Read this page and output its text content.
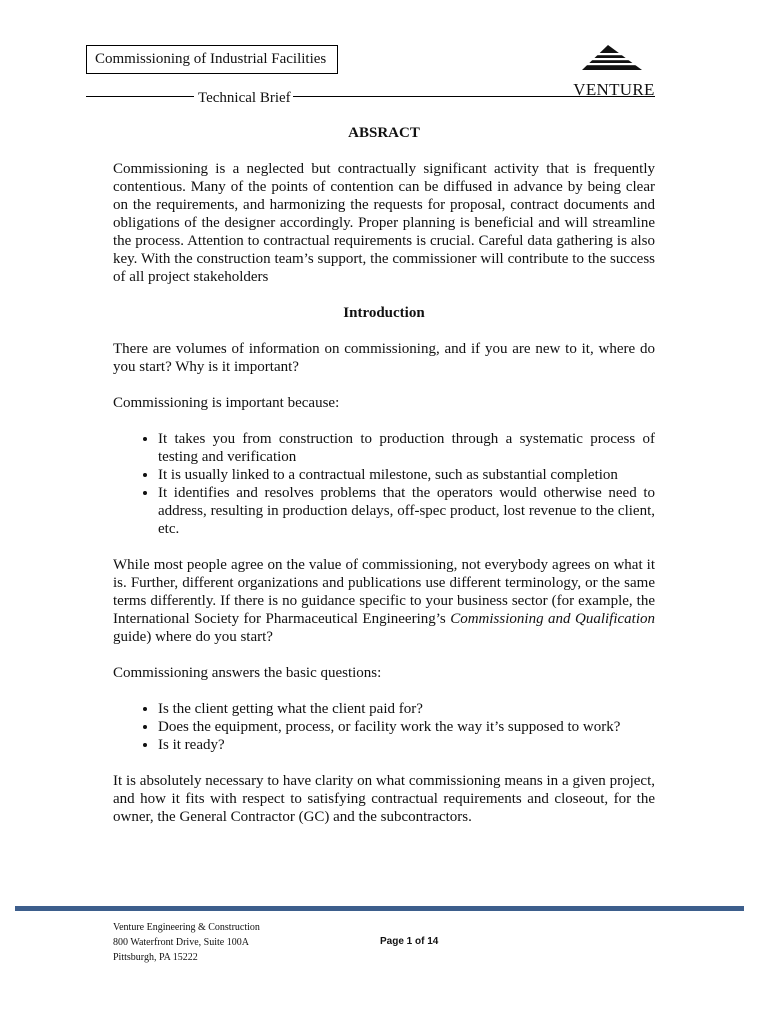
Commissioning of Industrial Facilities
VENTURE
Technical Brief
ABSRACT

Commissioning is a neglected but contractually significant activity that is frequently contentious. Many of the points of contention can be diffused in advance by being clear on the requirements, and harmonizing the requests for proposal, contract documents and obligations of the designer accordingly. Proper planning is beneficial and will streamline the process. Attention to contractual requirements is crucial. Careful data gathering is also key. With the construction team’s support, the commissioner will contribute to the success of all project stakeholders

Introduction

There are volumes of information on commissioning, and if you are new to it, where do you start? Why is it important?

Commissioning is important because:

• It takes you from construction to production through a systematic process of testing and verification
• It is usually linked to a contractual milestone, such as substantial completion
• It identifies and resolves problems that the operators would otherwise need to address, resulting in production delays, off-spec product, lost revenue to the client, etc.

While most people agree on the value of commissioning, not everybody agrees on what it is. Further, different organizations and publications use different terminology, or the same terms differently. If there is no guidance specific to your business sector (for example, the International Society for Pharmaceutical Engineering’s Commissioning and Qualification guide) where do you start?

Commissioning answers the basic questions:

• Is the client getting what the client paid for?
• Does the equipment, process, or facility work the way it’s supposed to work?
• Is it ready?

It is absolutely necessary to have clarity on what commissioning means in a given project, and how it fits with respect to satisfying contractual requirements and closeout, for the owner, the General Contractor (GC) and the subcontractors.

Venture Engineering & Construction
800 Waterfront Drive, Suite 100A
Pittsburgh, PA 15222
Page 1 of 14
